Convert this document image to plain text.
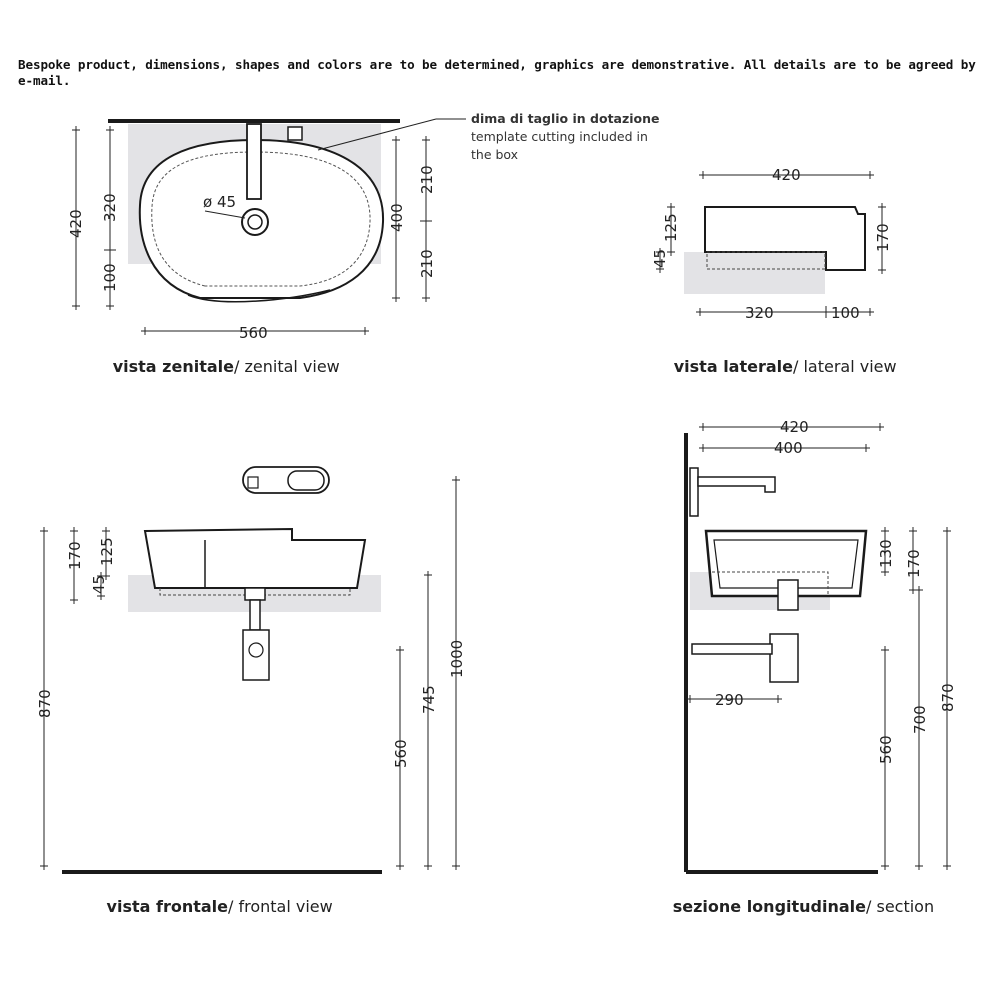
Bespoke product, dimensions, shapes and colors are to be determined, graphics are demonstrative. All details are to be agreed by e-mail.
ø 45
420
320
100
400
210
210
560
dima di taglio in dotazione
template cutting included in
the box
vista zenitale / zenital view
420
125
45
170
320	100
vista laterale / lateral view
870
170 125
45
560
745
1000
vista frontale / frontal view
420
400
130 170
290
560
700
870
sezione longitudinale / section
